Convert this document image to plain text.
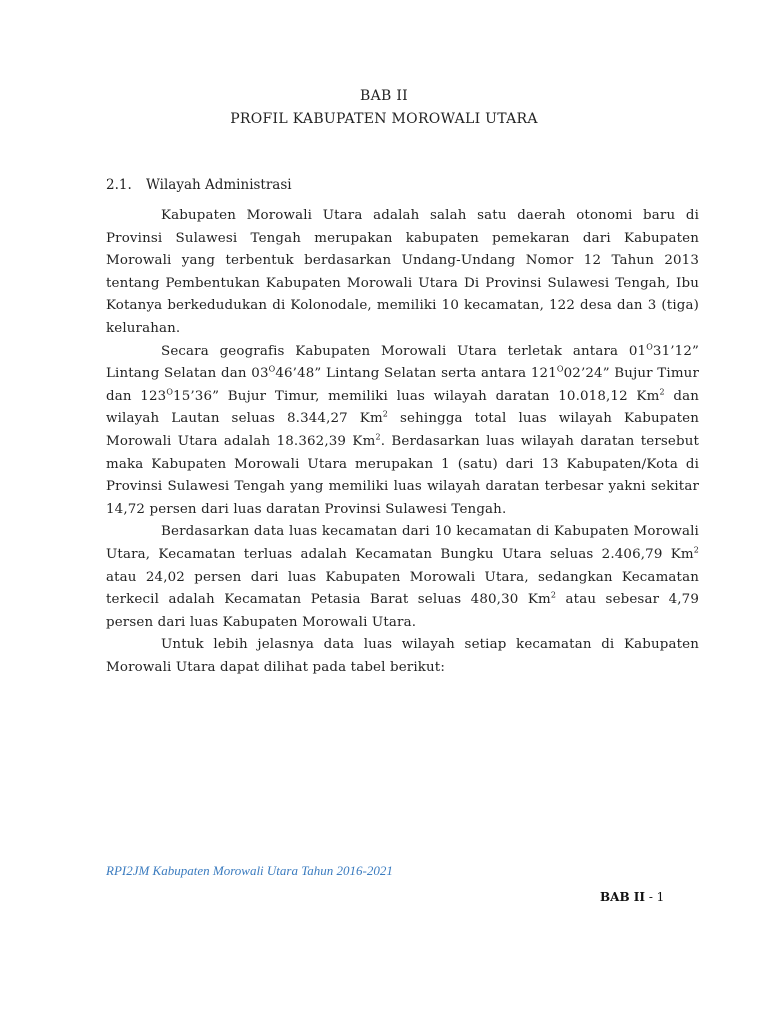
BAB II
PROFIL KABUPATEN MOROWALI UTARA
2.1. Wilayah Administrasi

Kabupaten Morowali Utara adalah salah satu daerah otonomi baru di Provinsi Sulawesi Tengah merupakan kabupaten pemekaran dari Kabupaten Morowali yang terbentuk berdasarkan Undang-Undang Nomor 12 Tahun 2013 tentang Pembentukan Kabupaten Morowali Utara Di Provinsi Sulawesi Tengah, Ibu Kotanya berkedudukan di Kolonodale, memiliki 10 kecamatan, 122 desa dan 3 (tiga) kelurahan.

Secara geografis Kabupaten Morowali Utara terletak antara $01^O31’12$” Lintang Selatan dan $03^O46’48$” Lintang Selatan serta antara $121^O02’24$” Bujur Timur dan $123^O15’36$” Bujur Timur, memiliki luas wilayah daratan 10.018,12 Km$^2$ dan wilayah Lautan seluas 8.344,27 Km$^2$ sehingga total luas wilayah Kabupaten Morowali Utara adalah 18.362,39 Km$^2$. Berdasarkan luas wilayah daratan tersebut maka Kabupaten Morowali Utara merupakan 1 (satu) dari 13 Kabupaten/Kota di Provinsi Sulawesi Tengah yang memiliki luas wilayah daratan terbesar yakni sekitar 14,72 persen dari luas daratan Provinsi Sulawesi Tengah.

Berdasarkan data luas kecamatan dari 10 kecamatan di Kabupaten Morowali Utara, Kecamatan terluas adalah Kecamatan Bungku Utara seluas 2.406,79 Km$^2$ atau 24,02 persen dari luas Kabupaten Morowali Utara, sedangkan Kecamatan terkecil adalah Kecamatan Petasia Barat seluas 480,30 Km$^2$ atau sebesar 4,79 persen dari luas Kabupaten Morowali Utara.

Untuk lebih jelasnya data luas wilayah setiap kecamatan di Kabupaten Morowali Utara dapat dilihat pada tabel berikut:

RPI2JM Kabupaten Morowali Utara Tahun 2016-2021
BAB II - 1
